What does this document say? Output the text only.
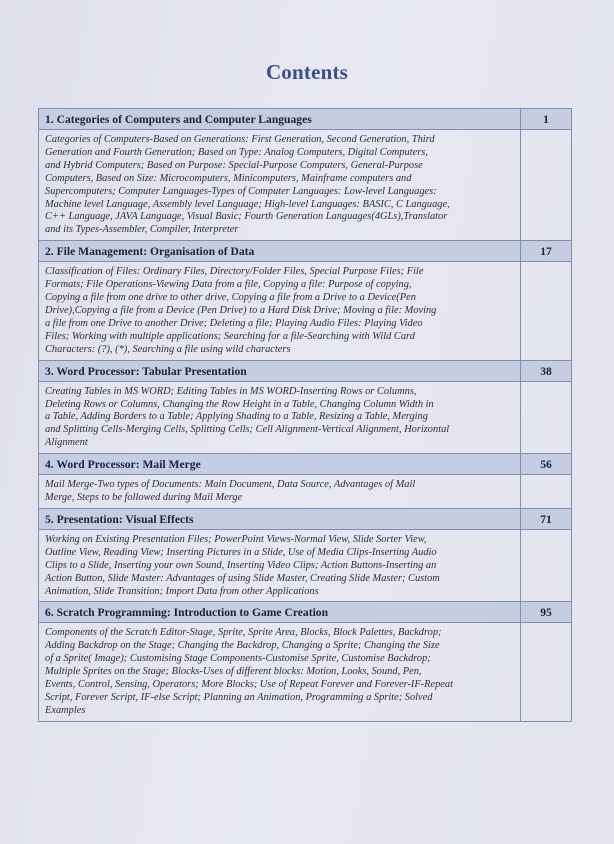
Contents
1. Categories of Computers and Computer Languages	1
Categories of Computers-Based on Generations: First Generation, Second Generation, Third
Generation and Fourth Generation; Based on Type: Analog Computers, Digital Computers,
and Hybrid Computers; Based on Purpose: Special-Purpose Computers, General-Purpose
Computers, Based on Size: Microcomputers, Minicomputers, Mainframe computers and
Supercomputers; Computer Languages-Types of Computer Languages: Low-level Languages:
Machine level Language, Assembly level Language; High-level Languages: BASIC, C Language,
C++ Language, JAVA Language, Visual Basic; Fourth Generation Languages(4GLs),Translator
and its Types-Assembler, Compiler, Interpreter
2. File Management: Organisation of Data	17
Classification of Files: Ordinary Files, Directory/Folder Files, Special Purpose Files; File
Formats; File Operations-Viewing Data from a file, Copying a file: Purpose of copying,
Copying a file from one drive to other drive, Copying a file from a Drive to a Device(Pen
Drive),Copying a file from a Device (Pen Drive) to a Hard Disk Drive; Moving a file: Moving
a file from one Drive to another Drive; Deleting a file; Playing Audio Files: Playing Video
Files; Working with multiple applications; Searching for a file-Searching with Wild Card
Characters: (?), (*), Searching a file using wild characters
3. Word Processor: Tabular Presentation	38
Creating Tables in MS WORD; Editing Tables in MS WORD-Inserting Rows or Columns,
Deleting Rows or Columns, Changing the Row Height in a Table, Changing Column Width in
a Table, Adding Borders to a Table; Applying Shading to a Table, Resizing a Table, Merging
and Splitting Cells-Merging Cells, Splitting Cells; Cell Alignment-Vertical Alignment, Horizontal
Alignment
4. Word Processor: Mail Merge	56
Mail Merge-Two types of Documents: Main Document, Data Source, Advantages of Mail
Merge, Steps to be followed during Mail Merge
5. Presentation: Visual Effects	71
Working on Existing Presentation Files; PowerPoint Views-Normal View, Slide Sorter View,
Outline View, Reading View; Inserting Pictures in a Slide, Use of Media Clips-Inserting Audio
Clips to a Slide, Inserting your own Sound, Inserting Video Clips; Action Buttons-Inserting an
Action Button, Slide Master: Advantages of using Slide Master, Creating Slide Master; Custom
Animation, Slide Transition; Import Data from other Applications
6. Scratch Programming: Introduction to Game Creation	95
Components of the Scratch Editor-Stage, Sprite, Sprite Area, Blocks, Block Palettes, Backdrop;
Adding Backdrop on the Stage; Changing the Backdrop, Changing a Sprite; Changing the Size
of a Sprite( Image); Customising Stage Components-Customise Sprite, Customise Backdrop;
Multiple Sprites on the Stage; Blocks-Uses of different blocks: Motion, Looks, Sound, Pen,
Events, Control, Sensing, Operators; More Blocks; Use of Repeat Forever and Forever-IF-Repeat
Script, Forever Script, IF-else Script; Planning an Animation, Programming a Sprite; Solved
Examples
